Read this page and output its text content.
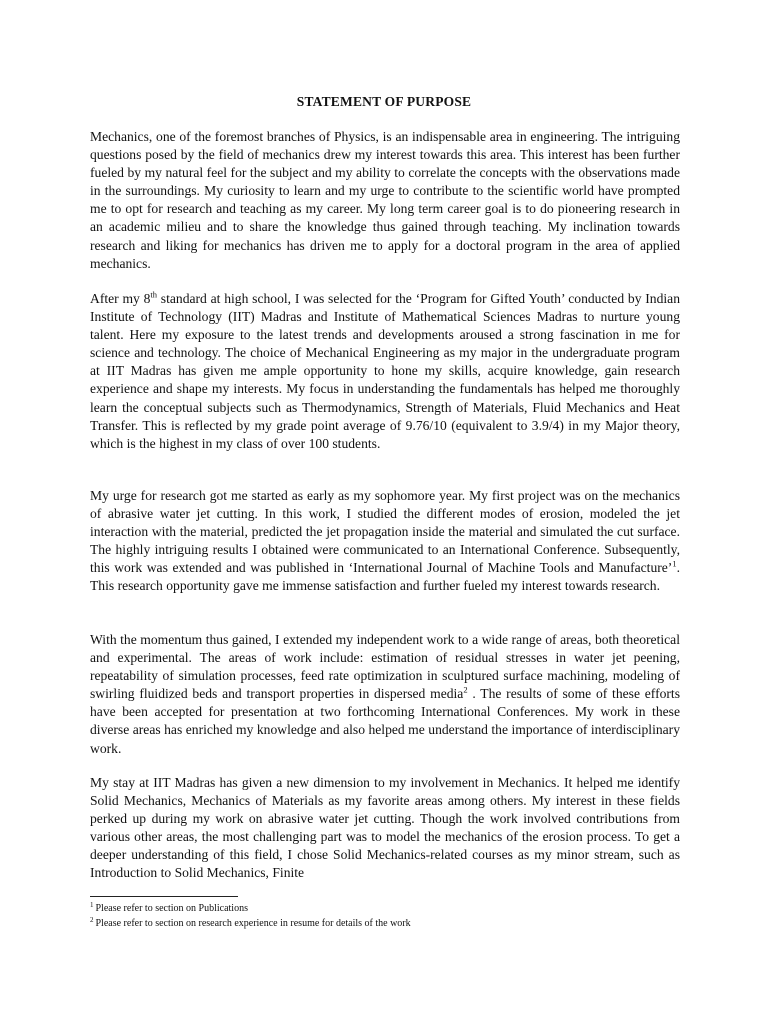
STATEMENT OF PURPOSE

Mechanics, one of the foremost branches of Physics, is an indispensable area in engineering. The intriguing questions posed by the field of mechanics drew my interest towards this area. This interest has been further fueled by my natural feel for the subject and my ability to correlate the concepts with the observations made in the surroundings. My curiosity to learn and my urge to contribute to the scientific world have prompted me to opt for research and teaching as my career. My long term career goal is to do pioneering research in an academic milieu and to share the knowledge thus gained through teaching. My inclination towards research and liking for mechanics has driven me to apply for a doctoral program in the area of applied mechanics.

After my 8th standard at high school, I was selected for the ‘Program for Gifted Youth’ conducted by Indian Institute of Technology (IIT) Madras and Institute of Mathematical Sciences Madras to nurture young talent. Here my exposure to the latest trends and developments aroused a strong fascination in me for science and technology. The choice of Mechanical Engineering as my major in the undergraduate program at IIT Madras has given me ample opportunity to hone my skills, acquire knowledge, gain research experience and shape my interests. My focus in understanding the fundamentals has helped me thoroughly learn the conceptual subjects such as Thermodynamics, Strength of Materials, Fluid Mechanics and Heat Transfer. This is reflected by my grade point average of 9.76/10 (equivalent to 3.9/4) in my Major theory, which is the highest in my class of over 100 students.

My urge for research got me started as early as my sophomore year. My first project was on the mechanics of abrasive water jet cutting. In this work, I studied the different modes of erosion, modeled the jet interaction with the material, predicted the jet propagation inside the material and simulated the cut surface. The highly intriguing results I obtained were communicated to an International Conference. Subsequently, this work was extended and was published in ‘International Journal of Machine Tools and Manufacture’$^1$. This research opportunity gave me immense satisfaction and further fueled my interest towards research.

With the momentum thus gained, I extended my independent work to a wide range of areas, both theoretical and experimental. The areas of work include: estimation of residual stresses in water jet peening, repeatability of simulation processes, feed rate optimization in sculptured surface machining, modeling of swirling fluidized beds and transport properties in dispersed media$^2$ . The results of some of these efforts have been accepted for presentation at two forthcoming International Conferences. My work in these diverse areas has enriched my knowledge and also helped me understand the importance of interdisciplinary work.

My stay at IIT Madras has given a new dimension to my involvement in Mechanics. It helped me identify Solid Mechanics, Mechanics of Materials as my favorite areas among others. My interest in these fields perked up during my work on abrasive water jet cutting. Though the work involved contributions from various other areas, the most challenging part was to model the mechanics of the erosion process. To get a deeper understanding of this field, I chose Solid Mechanics-related courses as my minor stream, such as Introduction to Solid Mechanics, Finite

$^1$ Please refer to section on Publications
$^2$ Please refer to section on research experience in resume for details of the work
